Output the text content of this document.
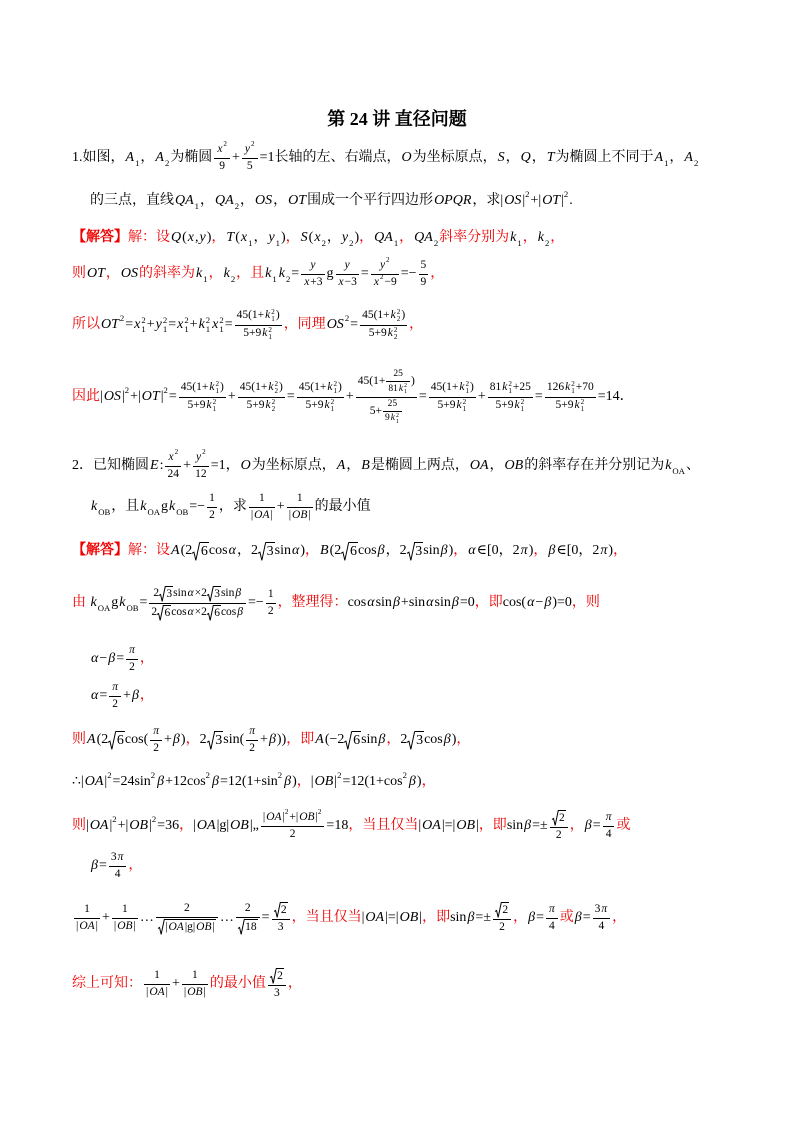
第 24 讲 直径问题
1.如图， A 1 ， A 2 为椭圆 $\frac{x 2}{9} + \frac{y 2}{5} =1$长轴的左、右端点， O 为坐标原点， S ， Q ， T 为椭圆上不同于 A 1 ， A 2
的三点，直线 QA 1 ， QA 2 ， OS ， OT 围成一个平行四边形 OPQR ，求| OS | 2 +| OT | 2 .
【解答】 解：设 Q ( x , y ) ， T ( x 1 ， y 1 ) ， S ( x 2 ， y 2 ) ， QA 1 ， QA 2 斜率分别为 k 1 ， k 2 ，
则 OT ， OS 的斜率为 k 1 ， k 2 ，且 k 1 k $2 = \frac{y}{x +3}$ g $\frac{y}{x -3} = \frac{y 2}{x 2 -9} =- \frac{5}{9}$ ，
所以 OT 2 = x 2
1 + y 2
1 = x 2
1 + k 2
1 x 2
1 = 45(1+ k 2
1 )
5+9 k 2
1 ，同理 OS 2 = 45(1+ k 2
2 )
5+9 k 2
2 ，
因此 | OS | 2 +| OT | 2 = 45(1+ k 2
1 )
5+9 k 2
1 + 45(1+ k 2
2 )
5+9 k 2
2 = 45(1+ k 2
1 )
5+9 k 2
1 + 45(1+ 25
81 k 2
1 )
5+ 25
9 k 2
1 = 45(1+ k 2
1 )
5+9 k 2
1 + 81 k 2
1 +25
5+9 k 2
1 = 126 k 2
1 +70
5+9 k 2
1 =14．
2．已知椭圆 E : $\frac{x 2}{24} + \frac{y 2}{12} =1$， O 为坐标原点， A ， B 是椭圆上两点， OA ， OB 的斜率存在并分别记为 k OA 、
k OB ，且 k OA g k OB =− $\frac{1}{2}$ ，求 $\frac{1}{| OA |} + \frac{1}{| OB |}$ 的最小值
【解答】 解：设 A (2 6 cos α ，2 3 sin α ) ， B (2 6 cos β ，2 3 sin β ) ， α ∈[0，2 π ) ， β ∈[0，2 π ) ，
由
k OA g k OB = $\frac{\text{2 3 sin α ×2 3 sin β}}{\text{2 6 cos α ×2 6 cos β}} =- \frac{1}{2}$ ，整理得： cos α sin β +sin α sin β =0 ，即 cos( α − β )=0 ，则
$\alpha - \beta = \frac{\pi}{2}$ ，
$\alpha = \frac{\pi}{2} + \beta$ ，
则 A (2 6 $\cos( \frac{\pi}{2} + \beta$ ) ， 2 3 $\sin( \frac{\pi}{2} + \beta$ )) ，即 A (−2 6 sin β ， 2 3 cos β ) ，
∴| OA | 2 =24sin 2 β +12cos 2 β =12(1+sin 2 β ) ， | OB | 2 =12(1+cos 2 β ) ，
则 | OA | 2 +| OB | 2 =36 ， | OA |g| OB |„ $\frac{| OA | 2 +| OB | 2}{2} =18$ ，当且仅当 | OA |=| OB | ，即 $\sin \beta =\pm \frac{2}{2}$ ， $\beta = \frac{\pi}{4}$ 或
$\beta = \frac{3 \pi}{4}$ ，
$\frac{1}{| OA |} + \frac{1}{| OB |}$ … $\frac{2}{| OA |g| OB |}$ … $\frac{2}{18} = \frac{2}{3}$ ，当且仅当 | OA |=| OB | ，即 $\sin \beta =\pm \frac{2}{2}$ ， $\beta = \frac{\pi}{4}$ 或 $\beta = \frac{3 \pi}{4}$ ，
综上可知： $\frac{1}{| OA |} + \frac{1}{| OB |}$ 的最小值 $\frac{2}{3}$ ，
